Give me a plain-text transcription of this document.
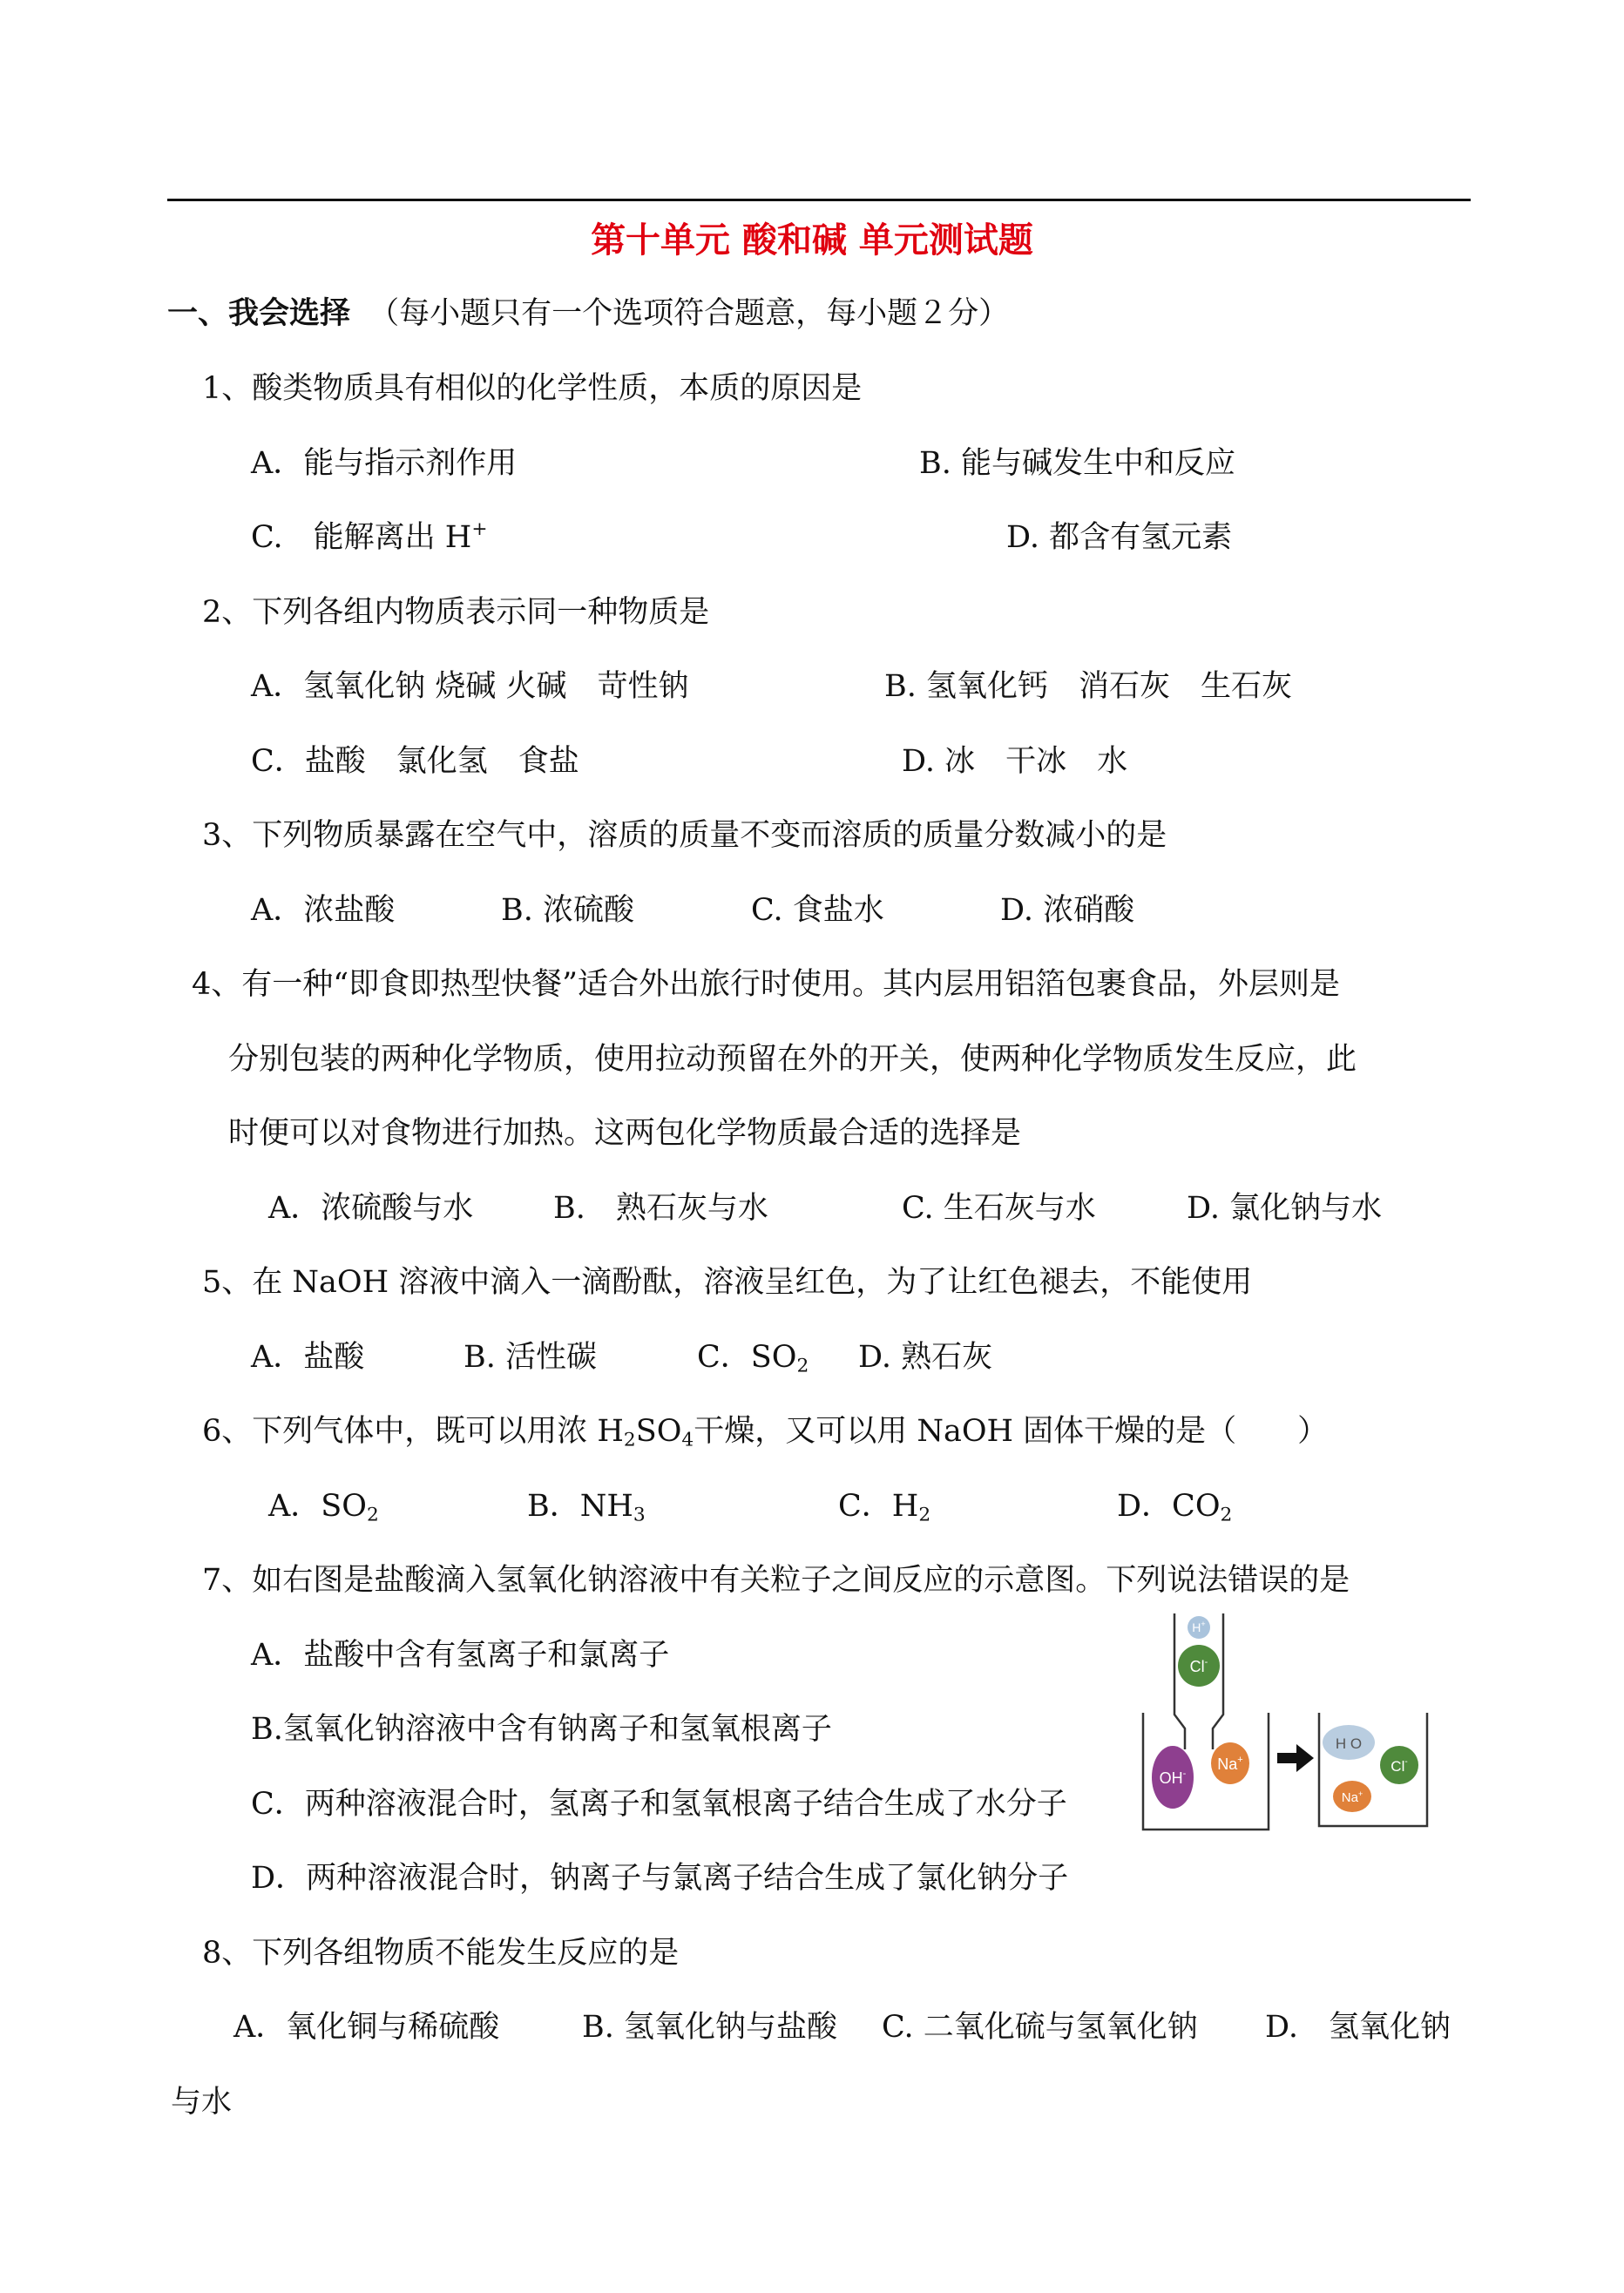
第十单元 酸和碱 单元测试题
一、我会选择 （每小题只有一个选项符合题意，每小题２分）
1、酸类物质具有相似的化学性质，本质的原因是
A．能与指示剂作用	B. 能与碱发生中和反应
C.　能解离出 H+	D. 都含有氢元素
2、下列各组内物质表示同一种物质是
A．氢氧化钠 烧碱 火碱　苛性钠	B. 氢氧化钙　消石灰　生石灰
C．盐酸　氯化氢　食盐	D. 冰　干冰　水
3、下列物质暴露在空气中，溶质的质量不变而溶质的质量分数减小的是
A．浓盐酸	B. 浓硫酸	C. 食盐水	D. 浓硝酸
4、有一种“即食即热型快餐”适合外出旅行时使用。其内层用铝箔包裹食品，外层则是
分别包装的两种化学物质，使用拉动预留在外的开关，使两种化学物质发生反应，此
时便可以对食物进行加热。这两包化学物质最合适的选择是
A．浓硫酸与水	B.　熟石灰与水	C. 生石灰与水	D. 氯化钠与水
5、在 NaOH 溶液中滴入一滴酚酞，溶液呈红色，为了让红色褪去，不能使用
A．盐酸	B. 活性碳	C．$SO_2$ D. 熟石灰
6、下列气体中，既可以用浓 $H_2SO_4$干燥，又可以用 NaOH 固体干燥的是（　　）
A．$SO_2$	B．$NH_3$	C．$H_2$	D．$CO_2$
7、如右图是盐酸滴入氢氧化钠溶液中有关粒子之间反应的示意图。下列说法错误的是
A．盐酸中含有氢离子和氯离子
B.氢氧化钠溶液中含有钠离子和氢氧根离子
C．两种溶液混合时，氢离子和氢氧根离子结合生成了水分子
D．两种溶液混合时，钠离子与氯离子结合生成了氯化钠分子
H+
Cl-
OH-
Na+
H O
Cl-
Na+
8、下列各组物质不能发生反应的是
A．氧化铜与稀硫酸	B. 氢氧化钠与盐酸 C. 二氧化硫与氢氧化钠 D.　氢氧化钠
与水
